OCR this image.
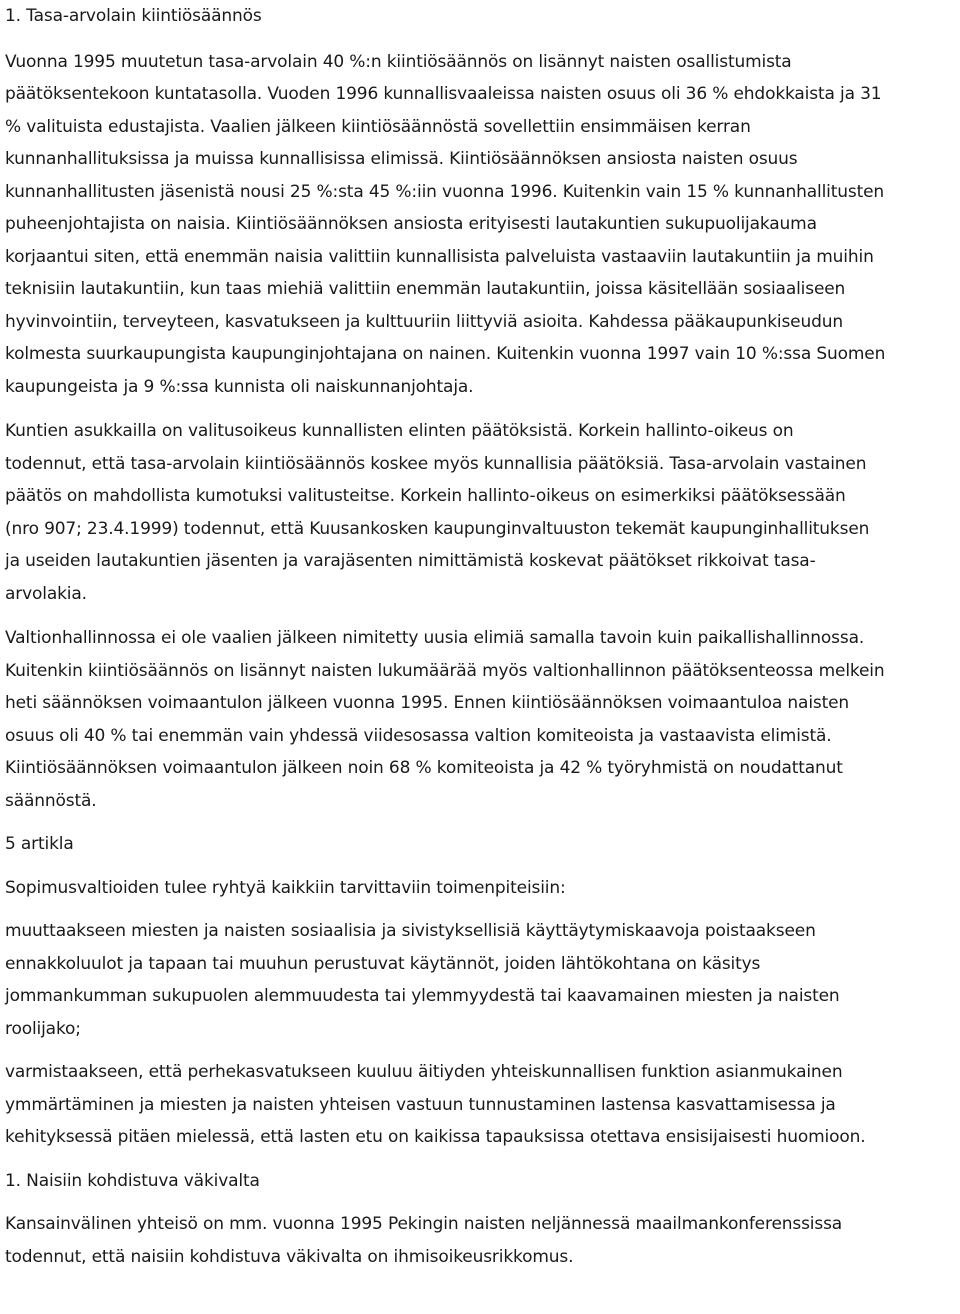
1. Tasa-arvolain kiintiösäännös
Vuonna 1995 muutetun tasa-arvolain 40 %:n kiintiösäännös on lisännyt naisten osallistumista
päätöksentekoon kuntatasolla. Vuoden 1996 kunnallisvaaleissa naisten osuus oli 36 % ehdokkaista ja 31
% valituista edustajista. Vaalien jälkeen kiintiösäännöstä sovellettiin ensimmäisen kerran
kunnanhallituksissa ja muissa kunnallisissa elimissä. Kiintiösäännöksen ansiosta naisten osuus
kunnanhallitusten jäsenistä nousi 25 %:sta 45 %:iin vuonna 1996. Kuitenkin vain 15 % kunnanhallitusten
puheenjohtajista on naisia. Kiintiösäännöksen ansiosta erityisesti lautakuntien sukupuolijakauma
korjaantui siten, että enemmän naisia valittiin kunnallisista palveluista vastaaviin lautakuntiin ja muihin
teknisiin lautakuntiin, kun taas miehiä valittiin enemmän lautakuntiin, joissa käsitellään sosiaaliseen
hyvinvointiin, terveyteen, kasvatukseen ja kulttuuriin liittyviä asioita. Kahdessa pääkaupunkiseudun
kolmesta suurkaupungista kaupunginjohtajana on nainen. Kuitenkin vuonna 1997 vain 10 %:ssa Suomen
kaupungeista ja 9 %:ssa kunnista oli naiskunnanjohtaja.
Kuntien asukkailla on valitusoikeus kunnallisten elinten päätöksistä. Korkein hallinto-oikeus on
todennut, että tasa-arvolain kiintiösäännös koskee myös kunnallisia päätöksiä. Tasa-arvolain vastainen
päätös on mahdollista kumotuksi valitusteitse. Korkein hallinto-oikeus on esimerkiksi päätöksessään
(nro 907; 23.4.1999) todennut, että Kuusankosken kaupunginvaltuuston tekemät kaupunginhallituksen
ja useiden lautakuntien jäsenten ja varajäsenten nimittämistä koskevat päätökset rikkoivat tasa-
arvolakia.
Valtionhallinnossa ei ole vaalien jälkeen nimitetty uusia elimiä samalla tavoin kuin paikallishallinnossa.
Kuitenkin kiintiösäännös on lisännyt naisten lukumäärää myös valtionhallinnon päätöksenteossa melkein
heti säännöksen voimaantulon jälkeen vuonna 1995. Ennen kiintiösäännöksen voimaantuloa naisten
osuus oli 40 % tai enemmän vain yhdessä viidesosassa valtion komiteoista ja vastaavista elimistä.
Kiintiösäännöksen voimaantulon jälkeen noin 68 % komiteoista ja 42 % työryhmistä on noudattanut
säännöstä.
5 artikla
Sopimusvaltioiden tulee ryhtyä kaikkiin tarvittaviin toimenpiteisiin:
muuttaakseen miesten ja naisten sosiaalisia ja sivistyksellisiä käyttäytymiskaavoja poistaakseen
ennakkoluulot ja tapaan tai muuhun perustuvat käytännöt, joiden lähtökohtana on käsitys
jommankumman sukupuolen alemmuudesta tai ylemmyydestä tai kaavamainen miesten ja naisten
roolijako;
varmistaakseen, että perhekasvatukseen kuuluu äitiyden yhteiskunnallisen funktion asianmukainen
ymmärtäminen ja miesten ja naisten yhteisen vastuun tunnustaminen lastensa kasvattamisessa ja
kehityksessä pitäen mielessä, että lasten etu on kaikissa tapauksissa otettava ensisijaisesti huomioon.
1. Naisiin kohdistuva väkivalta
Kansainvälinen yhteisö on mm. vuonna 1995 Pekingin naisten neljännessä maailmankonferenssissa
todennut, että naisiin kohdistuva väkivalta on ihmisoikeusrikkomus.
